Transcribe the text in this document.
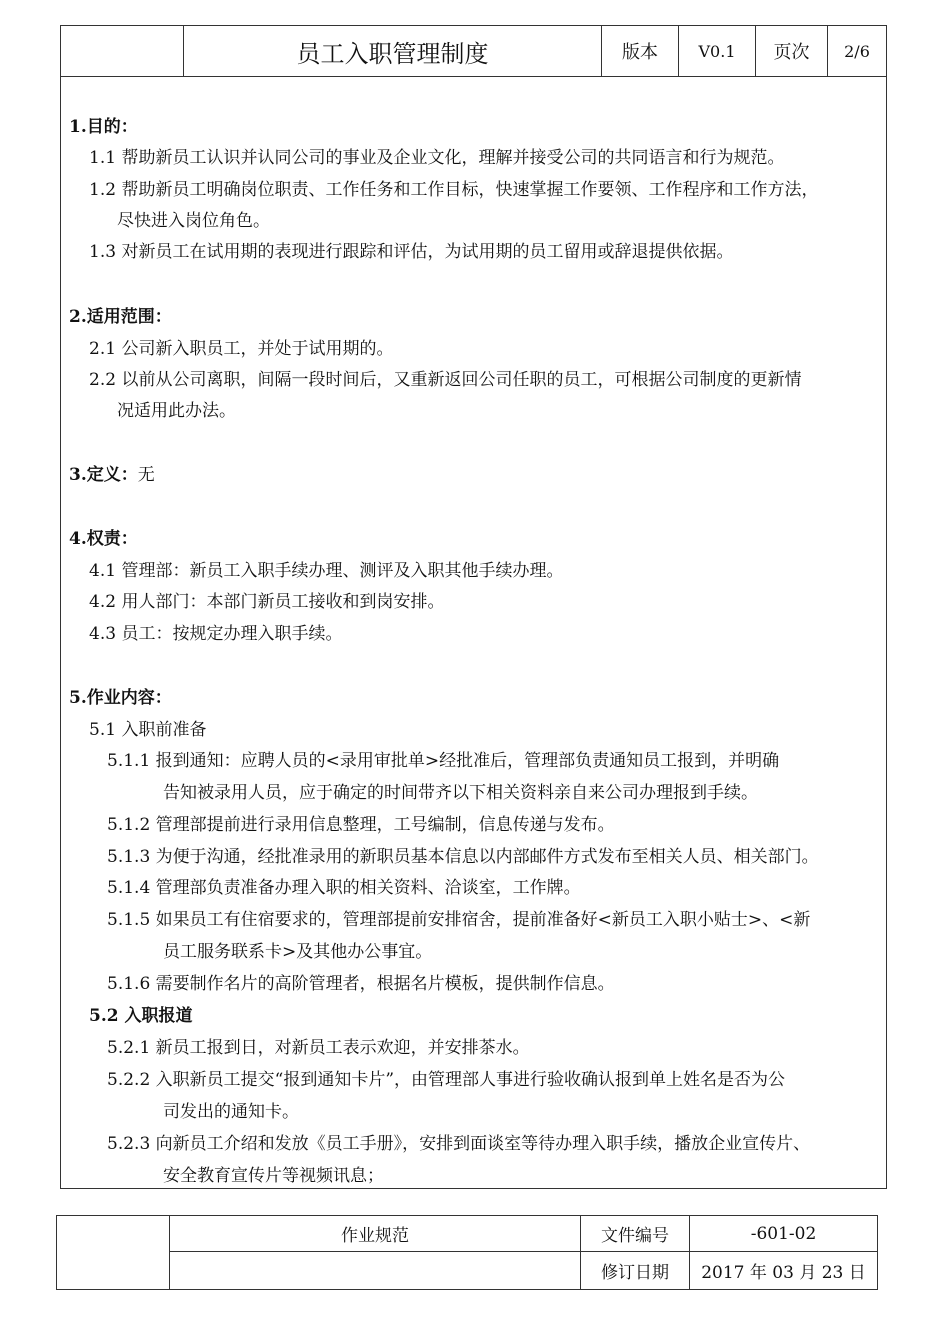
员工入职管理制度	版本	V0.1	页次	2/6
1.目的：
1.1 帮助新员工认识并认同公司的事业及企业文化，理解并接受公司的共同语言和行为规范。
1.2 帮助新员工明确岗位职责、工作任务和工作目标，快速掌握工作要领、工作程序和工作方法，
尽快进入岗位角色。
1.3 对新员工在试用期的表现进行跟踪和评估，为试用期的员工留用或辞退提供依据。
2.适用范围：
2.1 公司新入职员工，并处于试用期的。
2.2 以前从公司离职，间隔一段时间后，又重新返回公司任职的员工，可根据公司制度的更新情
况适用此办法。
3.定义：无
4.权责：
4.1 管理部：新员工入职手续办理、测评及入职其他手续办理。
4.2 用人部门：本部门新员工接收和到岗安排。
4.3 员工：按规定办理入职手续。
5.作业内容：
5.1 入职前准备
5.1.1 报到通知：应聘人员的<录用审批单>经批准后，管理部负责通知员工报到，并明确
告知被录用人员，应于确定的时间带齐以下相关资料亲自来公司办理报到手续。
5.1.2 管理部提前进行录用信息整理，工号编制，信息传递与发布。
5.1.3 为便于沟通，经批准录用的新职员基本信息以内部邮件方式发布至相关人员、相关部门。
5.1.4 管理部负责准备办理入职的相关资料、洽谈室，工作牌。
5.1.5 如果员工有住宿要求的，管理部提前安排宿舍，提前准备好<新员工入职小贴士>、<新
员工服务联系卡>及其他办公事宜。
5.1.6 需要制作名片的高阶管理者，根据名片模板，提供制作信息。
5.2 入职报道
5.2.1 新员工报到日，对新员工表示欢迎，并安排茶水。
5.2.2 入职新员工提交“报到通知卡片”，由管理部人事进行验收确认报到单上姓名是否为公
司发出的通知卡。
5.2.3 向新员工介绍和发放《员工手册》，安排到面谈室等待办理入职手续，播放企业宣传片、
安全教育宣传片等视频讯息；
作业规范	文件编号	-601-02
修订日期	2017 年 03 月 23 日
